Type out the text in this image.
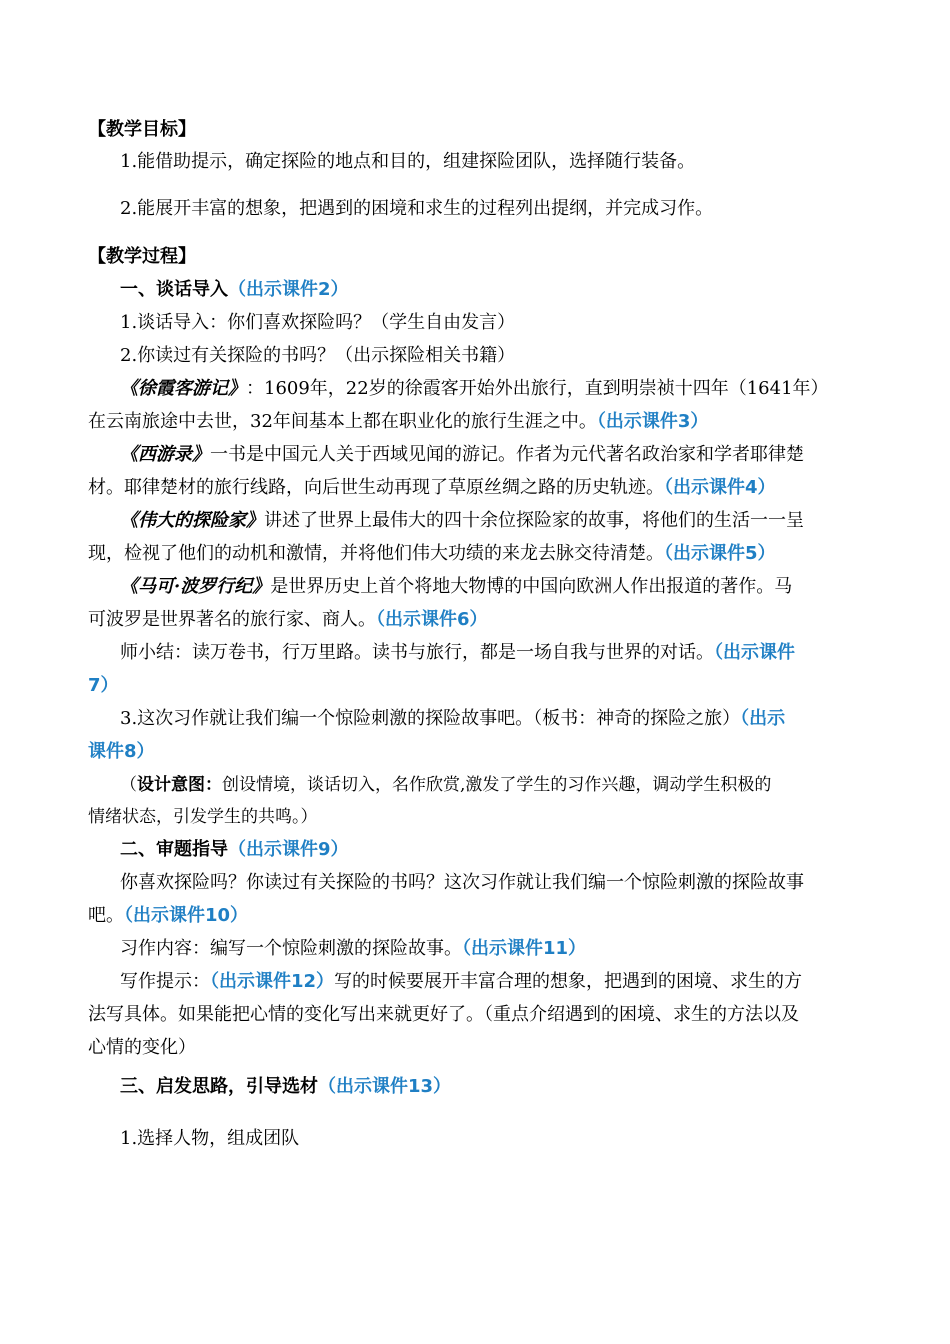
【教学目标】
1.能借助提示，确定探险的地点和目的，组建探险团队，选择随行装备。
2.能展开丰富的想象，把遇到的困境和求生的过程列出提纲，并完成习作。
【教学过程】
一、谈话导入（出示课件2）
1.谈话导入：你们喜欢探险吗？（学生自由发言）
2.你读过有关探险的书吗？（出示探险相关书籍）
《徐霞客游记》：1609年，22岁的徐霞客开始外出旅行，直到明崇祯十四年（1641年）
在云南旅途中去世，32年间基本上都在职业化的旅行生涯之中。（出示课件3）
《西游录》一书是中国元人关于西域见闻的游记。作者为元代著名政治家和学者耶律楚
材。耶律楚材的旅行线路，向后世生动再现了草原丝绸之路的历史轨迹。（出示课件4）
《伟大的探险家》讲述了世界上最伟大的四十余位探险家的故事，将他们的生活一一呈
现，检视了他们的动机和激情，并将他们伟大功绩的来龙去脉交待清楚。（出示课件5）
《马可·波罗行纪》是世界历史上首个将地大物博的中国向欧洲人作出报道的著作。马
可波罗是世界著名的旅行家、商人。（出示课件6）
师小结：读万卷书，行万里路。读书与旅行，都是一场自我与世界的对话。（出示课件
7）
3.这次习作就让我们编一个惊险刺激的探险故事吧。（板书：神奇的探险之旅）（出示
课件8）
（设计意图：创设情境，谈话切入，名作欣赏,激发了学生的习作兴趣，调动学生积极的
情绪状态，引发学生的共鸣。）
二、审题指导（出示课件9）
你喜欢探险吗？你读过有关探险的书吗？这次习作就让我们编一个惊险刺激的探险故事
吧。（出示课件10）
习作内容：编写一个惊险刺激的探险故事。（出示课件11）
写作提示：（出示课件12）写的时候要展开丰富合理的想象，把遇到的困境、求生的方
法写具体。如果能把心情的变化写出来就更好了。（重点介绍遇到的困境、求生的方法以及
心情的变化）
三、启发思路，引导选材（出示课件13）
1.选择人物，组成团队
